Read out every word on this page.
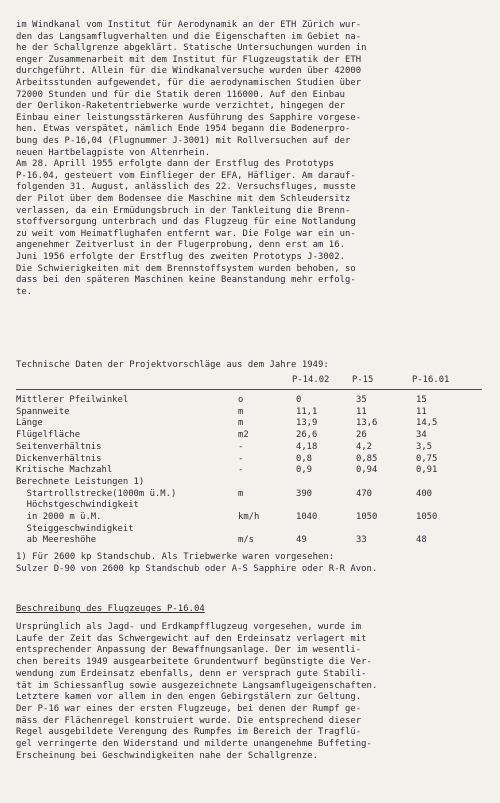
im Windkanal vom Institut für Aerodynamik an der ETH Zürich wur-
den das Langsamflugverhalten und die Eigenschaften im Gebiet na-
he der Schallgrenze abgeklärt. Statische Untersuchungen wurden in
enger Zusammenarbeit mit dem Institut für Flugzeugstatik der ETH
durchgeführt. Allein für die Windkanalversuche wurden über 42000
Arbeitsstunden aufgewendet, für die aerodynamischen Studien über
72000 Stunden und für die Statik deren 116000. Auf den Einbau
der Oerlikon-Raketentriebwerke wurde verzichtet, hingegen der
Einbau einer leistungsstärkeren Ausführung des Sapphire vorgese-
hen. Etwas verspätet, nämlich Ende 1954 begann die Bodenerpro-
bung des P-16,04 (Flugnummer J-3001) mit Rollversuchen auf der
neuen Hartbelagpiste von Altenrhein.
Am 28. Aprill 1955 erfolgte dann der Erstflug des Prototyps
P-16.04, gesteuert vom Einflieger der EFA, Häfliger. Am darauf-
folgenden 31. August, anlässlich des 22. Versuchsfluges, musste
der Pilot über dem Bodensee die Maschine mit dem Schleudersitz
verlassen, da ein Ermüdungsbruch in der Tankleitung die Brenn-
stoffversorgung unterbrach und das Flugzeug für eine Notlandung
zu weit vom Heimatflughafen entfernt war. Die Folge war ein un-
angenehmer Zeitverlust in der Flugerprobung, denn erst am 16.
Juni 1956 erfolgte der Erstflug des zweiten Prototyps J-3002.
Die Schwierigkeiten mit dem Brennstoffsystem wurden behoben, so
dass bei den späteren Maschinen keine Beanstandung mehr erfolg-
te.
Technische Daten der Projektvorschläge aus dem Jahre 1949:
P-14.02	P-15	P-16.01
Mittlerer Pfeilwinkel	o	0	35	15
Spannweite	m	11,1	11	11
Länge	m	13,9	13,6	14,5
Flügelfläche	m2	26,6	26	34
Seitenverhältnis	-	4,18	4,2	3,5
Dickenverhältnis	-	0,8	0,85	0,75
Kritische Machzahl	-	0,9	0,94	0,91
Berechnete Leistungen 1)
Startrollstrecke(1000m ü.M.)	m	390	470	400
Höchstgeschwindigkeit
in 2000 m ü.M.	km/h	1040	1050	1050
Steiggeschwindigkeit
ab Meereshöhe	m/s	49	33	48
1) Für 2600 kp Standschub. Als Triebwerke waren vorgesehen:
Sulzer D-90 von 2600 kp Standschub oder A-S Sapphire oder R-R Avon.
Beschreibung des Flugzeuges P-16.04
Ursprünglich als Jagd- und Erdkampfflugzeug vorgesehen, wurde im
Laufe der Zeit das Schwergewicht auf den Erdeinsatz verlagert mit
entsprechender Anpassung der Bewaffnungsanlage. Der im wesentli-
chen bereits 1949 ausgearbeitete Grundentwurf begünstigte die Ver-
wendung zum Erdeinsatz ebenfalls, denn er versprach gute Stabili-
tät im Schiessanflug sowie ausgezeichnete Langsamflugeigenschaften.
Letztere kamen vor allem in den engen Gebirgstälern zur Geltung.
Der P-16 war eines der ersten Flugzeuge, bei denen der Rumpf ge-
mäss der Flächenregel konstruiert wurde. Die entsprechend dieser
Regel ausgebildete Verengung des Rumpfes im Bereich der Tragflü-
gel verringerte den Widerstand und milderte unangenehme Buffeting-
Erscheinung bei Geschwindigkeiten nahe der Schallgrenze.
